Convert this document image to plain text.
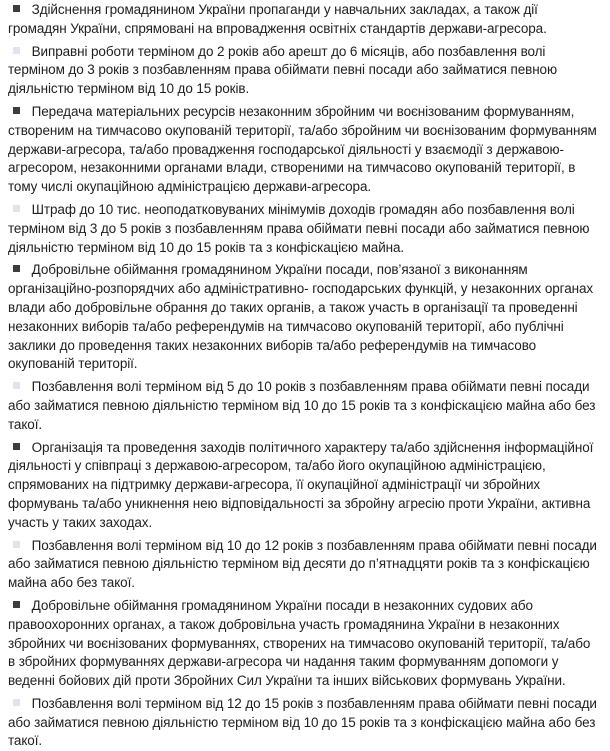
Здійснення громадянином України пропаганди у навчальних закладах, а також дії громадян України, спрямовані на впровадження освітніх стандартів держави-агресора.

Виправні роботи терміном до 2 років або арешт до 6 місяців, або позбавлення волі терміном до 3 років з позбавленням права обіймати певні посади або займатися певною діяльністю терміном від 10 до 15 років.

Передача матеріальних ресурсів незаконним збройним чи воєнізованим формуванням, створеним на тимчасово окупованій території, та/або збройним чи воєнізованим формуванням держави-агресора, та/або провадження господарської діяльності у взаємодії з державою-агресором, незаконними органами влади, створеними на тимчасово окупованій території, в тому числі окупаційною адміністрацією держави-агресора.

Штраф до 10 тис. неоподатковуваних мінімумів доходів громадян або позбавлення волі терміном від 3 до 5 років з позбавленням права обіймати певні посади або займатися певною діяльністю терміном від 10 до 15 років та з конфіскацією майна.

Добровільне обіймання громадянином України посади, пов’язаної з виконанням організаційно-розпорядчих або адміністративно- господарських функцій, у незаконних органах влади або добровільне обрання до таких органів, а також участь в організації та проведенні незаконних виборів та/або референдумів на тимчасово окупованій території, або публічні заклики до проведення таких незаконних виборів та/або референдумів на тимчасово окупованій території.

Позбавлення волі терміном від 5 до 10 років з позбавленням права обіймати певні посади або займатися певною діяльністю терміном від 10 до 15 років та з конфіскацією майна або без такої.

Організація та проведення заходів політичного характеру та/або здійснення інформаційної діяльності у співпраці з державою-агресором, та/або його окупаційною адміністрацією, спрямованих на підтримку держави-агресора, її окупаційної адміністрації чи збройних формувань та/або уникнення нею відповідальності за збройну агресію проти України, активна участь у таких заходах.

Позбавлення волі терміном від 10 до 12 років з позбавленням права обіймати певні посади або займатися певною діяльністю терміном від десяти до п’ятнадцяти років та з конфіскацією майна або без такої.

Добровільне обіймання громадянином України посади в незаконних судових або правоохоронних органах, а також добровільна участь громадянина України в незаконних збройних чи воєнізованих формуваннях, створених на тимчасово окупованій території, та/або в збройних формуваннях держави-агресора чи надання таким формуванням допомоги у веденні бойових дій проти Збройних Сил України та інших військових формувань України.

Позбавлення волі терміном від 12 до 15 років з позбавленням права обіймати певні посади або займатися певною діяльністю терміном від 10 до 15 років та з конфіскацією майна або без такої.
